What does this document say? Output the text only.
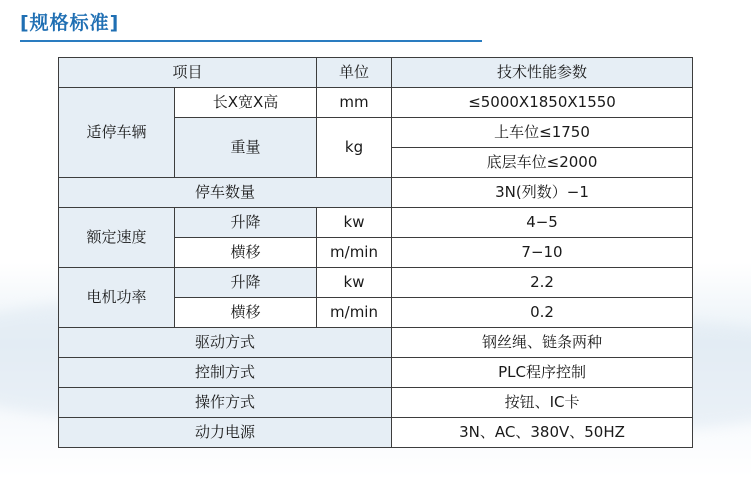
[规格标准]
项目		单位	技术性能参数
适停车辆	长X宽X高	mm	≤5000X1850X1550
	重量	kg	上车位≤1750
			底层车位≤2000
停车数量			3N(列数）−1
额定速度	升降	kw	4−5
	横移	m/min	7−10
电机功率	升降	kw	2.2
	横移	m/min	0.2
驱动方式			钢丝绳、链条两种
控制方式			PLC程序控制
操作方式			按钮、IC卡
动力电源			3N、AC、380V、50HZ
